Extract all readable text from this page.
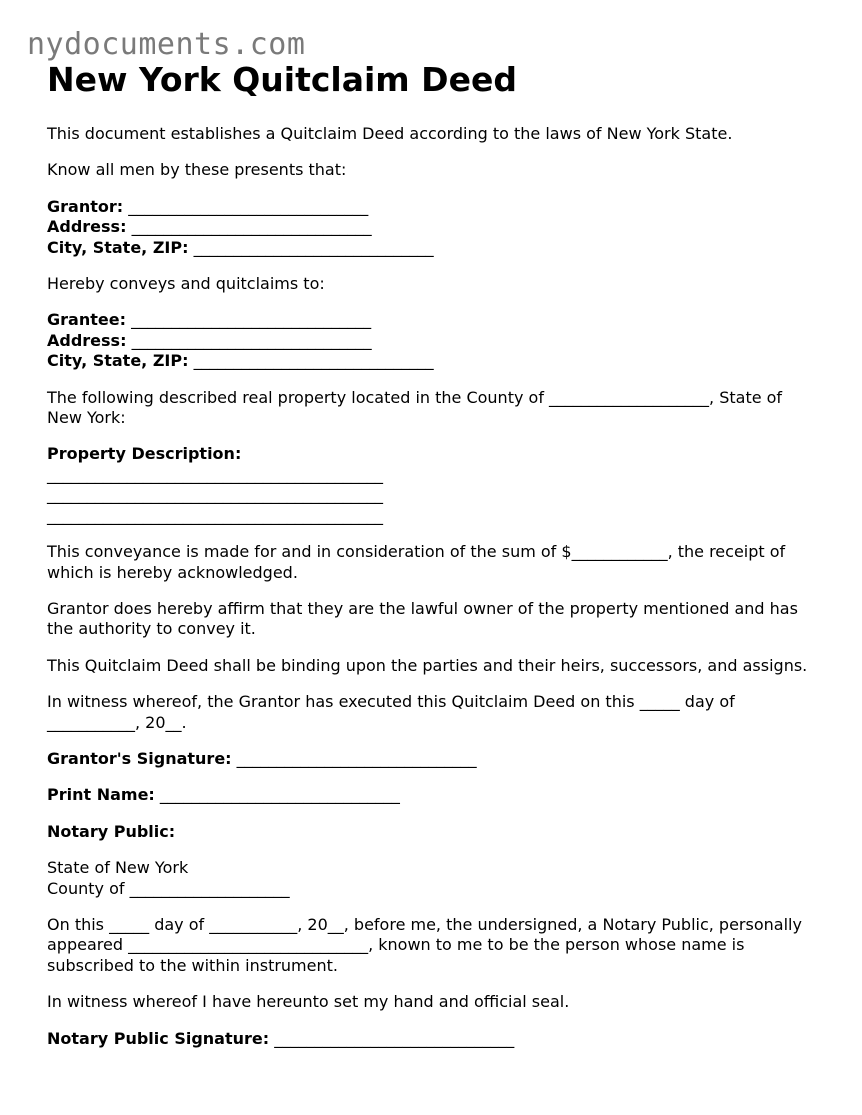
nydocuments.com
New York Quitclaim Deed

This document establishes a Quitclaim Deed according to the laws of New York State.

Know all men by these presents that:

Grantor: ______________________________

Address: ______________________________

City, State, ZIP: ______________________________

Hereby conveys and quitclaims to:

Grantee: ______________________________

Address: ______________________________

City, State, ZIP: ______________________________

The following described real property located in the County of ____________________, State of New York:

Property Description:

__________________________________________

__________________________________________

__________________________________________

This conveyance is made for and in consideration of the sum of $____________, the receipt of which is hereby acknowledged.

Grantor does hereby affirm that they are the lawful owner of the property mentioned and has the authority to convey it.

This Quitclaim Deed shall be binding upon the parties and their heirs, successors, and assigns.

In witness whereof, the Grantor has executed this Quitclaim Deed on this _____ day of ___________, 20__.

Grantor's Signature: ______________________________

Print Name: ______________________________

Notary Public:

State of New York

County of ____________________

On this _____ day of ___________, 20__, before me, the undersigned, a Notary Public, personally appeared ______________________________, known to me to be the person whose name is subscribed to the within instrument.

In witness whereof I have hereunto set my hand and official seal.

Notary Public Signature: ______________________________
